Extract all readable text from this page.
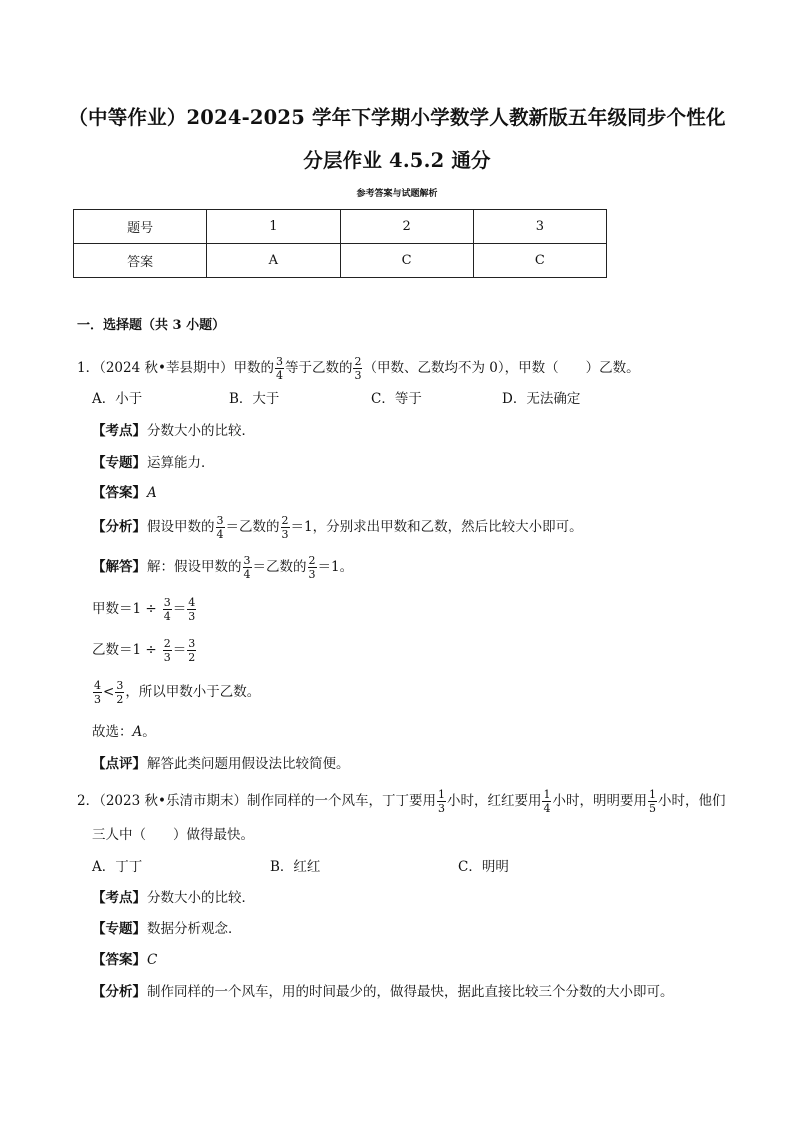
（中等作业）2024-2025 学年下学期小学数学人教新版五年级同步个性化
分层作业 4.5.2 通分
参考答案与试题解析
题号	1	2	3
答案	A	C	C
一．选择题（共 3 小题）
1．（2024 秋•莘县期中）甲数的 $\frac{3}{4}$ 等于乙数的 $\frac{2}{3}$ （甲数、乙数均不为 0），甲数（　　）乙数。
A．小于	B．大于	C．等于	D．无法确定
【考点】 分数大小的比较．
【专题】 运算能力．
【答案】 A
【分析】 假设甲数的 $\frac{3}{4}$ ＝乙数的 $\frac{2}{3} =1$，分别求出甲数和乙数，然后比较大小即可。
【解答】 解：假设甲数的 $\frac{3}{4}$ ＝乙数的 $\frac{2}{3} =1$。
甲数$=1 \div \frac{3}{4} = \frac{4}{3}$
乙数$=1 \div \frac{2}{3} = \frac{3}{2}$
$\frac{4}{3} < \frac{3}{2}$ ，所以甲数小于乙数。
故选： A 。
【点评】 解答此类问题用假设法比较简便。
2．（2023 秋•乐清市期末）制作同样的一个风车，丁丁要用 $\frac{1}{3}$ 小时，红红要用 $\frac{1}{4}$ 小时，明明要用 $\frac{1}{5}$ 小时，他们
三人中（　　）做得最快。
A．丁丁	B．红红	C．明明
【考点】 分数大小的比较．
【专题】 数据分析观念．
【答案】 C
【分析】 制作同样的一个风车，用的时间最少的，做得最快，据此直接比较三个分数的大小即可。
